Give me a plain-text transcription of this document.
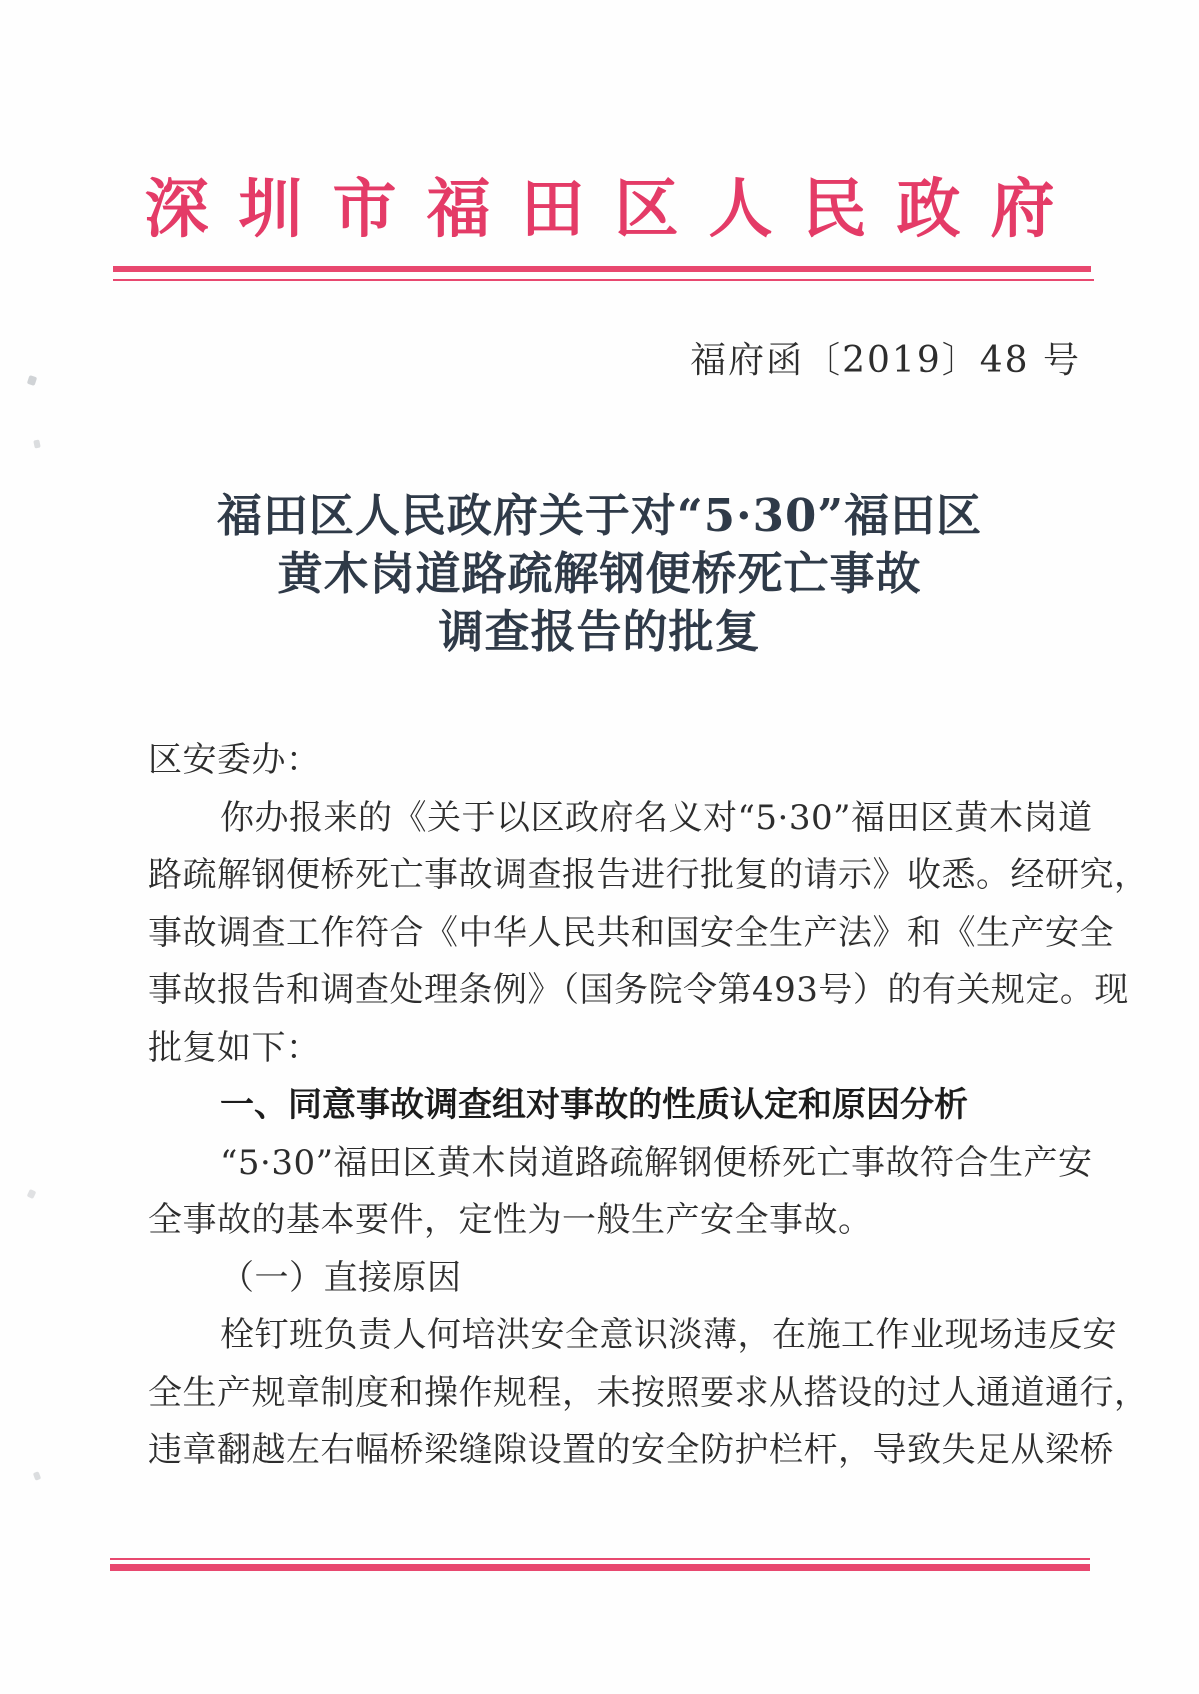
深圳市福田区人民政府
福府函〔2019〕48 号
福田区人民政府关于对“5·30”福田区
黄木岗道路疏解钢便桥死亡事故
调查报告的批复
区安委办：
你办报来的《关于以区政府名义对“5·30”福田区黄木岗道
路疏解钢便桥死亡事故调查报告进行批复的请示》收悉。经研究，
事故调查工作符合《中华人民共和国安全生产法》和《生产安全
事故报告和调查处理条例》（国务院令第493号）的有关规定。现
批复如下：
一、同意事故调查组对事故的性质认定和原因分析
“5·30”福田区黄木岗道路疏解钢便桥死亡事故符合生产安
全事故的基本要件，定性为一般生产安全事故。
（一）直接原因
栓钉班负责人何培洪安全意识淡薄，在施工作业现场违反安
全生产规章制度和操作规程，未按照要求从搭设的过人通道通行，
违章翻越左右幅桥梁缝隙设置的安全防护栏杆，导致失足从梁桥
